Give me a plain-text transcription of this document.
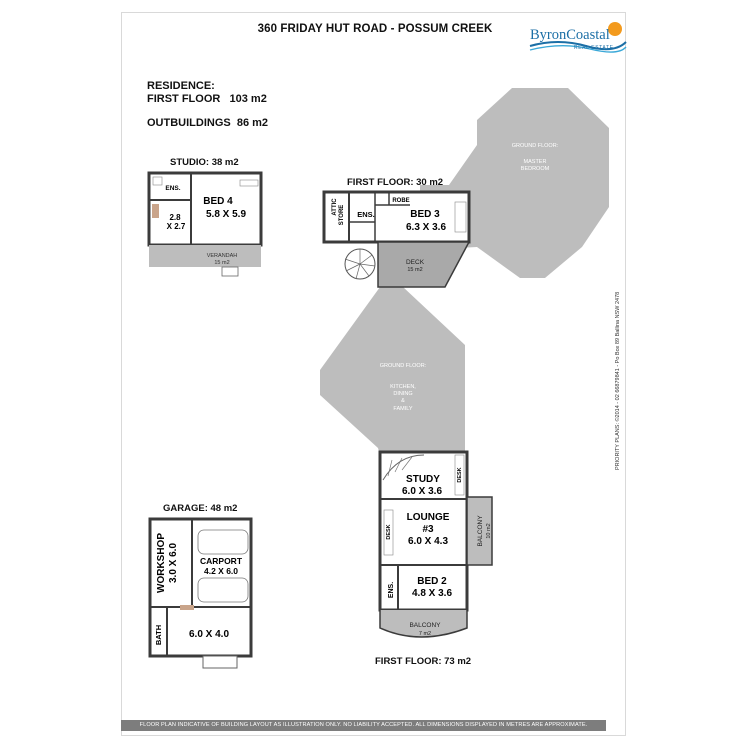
360 FRIDAY HUT ROAD - POSSUM CREEK	ByronCoastal
REAL ESTATE
RESIDENCE:
FIRST FLOOR 103 m2
OUTBUILDINGS 86 m2
GROUND FLOOR:
MASTER
BEDROOM
GROUND FLOOR:
KITCHEN,
DINING
&
FAMILY
ENS.
BED 4
5.8 X 5.9
2.8
X 2.7
VERANDAH
15 m2
ATTIC STORE ENS.
ROBE
BED 3
6.3 X 3.6
DECK
15 m2
STUDY
6.0 X 3.6
DESK
LOUNGE
#3
6.0 X 4.3
DESK	BALCONY 10 m2
BED 2
4.8 X 3.6
ENS.
BALCONY
7 m2
WORKSHOP 3.0 X 6.0 CARPORT
4.2 X 6.0
BATH	6.0 X 4.0
STUDIO: 38 m2
FIRST FLOOR: 30 m2
GARAGE: 48 m2
FIRST FLOOR: 73 m2
PRIORITY PLANS: ©2014 - 02 66879841 - Po Box 89 Ballina NSW 2478
FLOOR PLAN INDICATIVE OF BUILDING LAYOUT AS ILLUSTRATION ONLY. NO LIABILITY ACCEPTED. ALL DIMENSIONS DISPLAYED IN METRES ARE APPROXIMATE.
